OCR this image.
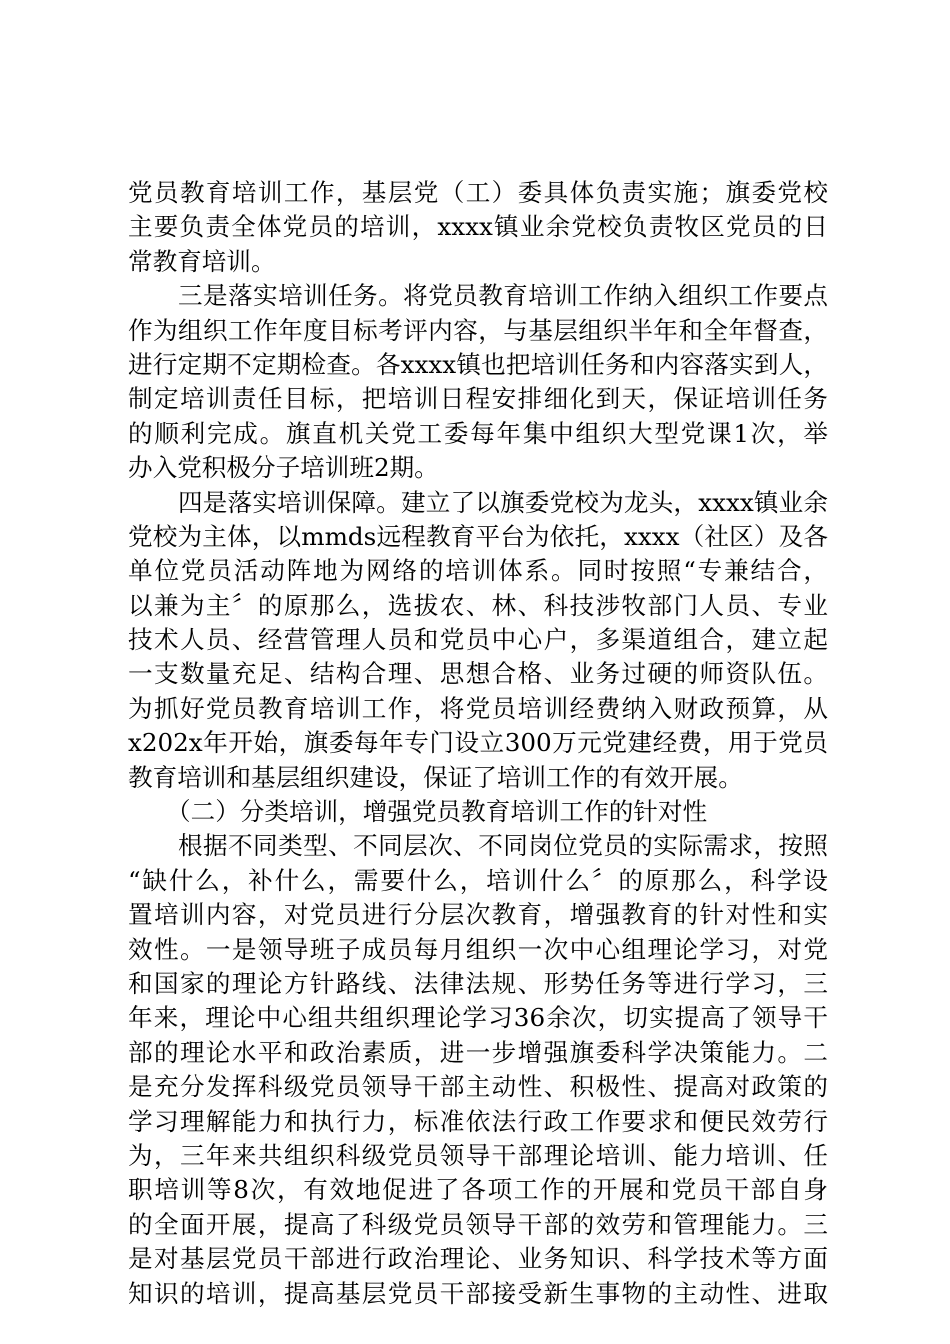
党员教育培训工作，基层党（工）委具体负责实施；旗委党校
主要负责全体党员的培训，xxxx镇业余党校负责牧区党员的日
常教育培训。
三是落实培训任务。将党员教育培训工作纳入组织工作要点
作为组织工作年度目标考评内容，与基层组织半年和全年督查，
进行定期不定期检查。各xxxx镇也把培训任务和内容落实到人，
制定培训责任目标，把培训日程安排细化到天，保证培训任务
的顺利完成。旗直机关党工委每年集中组织大型党课1次，举
办入党积极分子培训班2期。
四是落实培训保障。建立了以旗委党校为龙头，xxxx镇业余
党校为主体，以mmds远程教育平台为依托，xxxx（社区）及各
单位党员活动阵地为网络的培训体系。同时按照“专兼结合，
以兼为主〞的原那么，选拔农、林、科技涉牧部门人员、专业
技术人员、经营管理人员和党员中心户，多渠道组合，建立起
一支数量充足、结构合理、思想合格、业务过硬的师资队伍。
为抓好党员教育培训工作，将党员培训经费纳入财政预算，从
x202x年开始，旗委每年专门设立300万元党建经费，用于党员
教育培训和基层组织建设，保证了培训工作的有效开展。
（二）分类培训，增强党员教育培训工作的针对性
根据不同类型、不同层次、不同岗位党员的实际需求，按照
“缺什么，补什么，需要什么，培训什么〞的原那么，科学设
置培训内容，对党员进行分层次教育，增强教育的针对性和实
效性。一是领导班子成员每月组织一次中心组理论学习，对党
和国家的理论方针路线、法律法规、形势任务等进行学习，三
年来，理论中心组共组织理论学习36余次，切实提高了领导干
部的理论水平和政治素质，进一步增强旗委科学决策能力。二
是充分发挥科级党员领导干部主动性、积极性、提高对政策的
学习理解能力和执行力，标准依法行政工作要求和便民效劳行
为，三年来共组织科级党员领导干部理论培训、能力培训、任
职培训等8次，有效地促进了各项工作的开展和党员干部自身
的全面开展，提高了科级党员领导干部的效劳和管理能力。三
是对基层党员干部进行政治理论、业务知识、科学技术等方面
知识的培训，提高基层党员干部接受新生事物的主动性、进取
